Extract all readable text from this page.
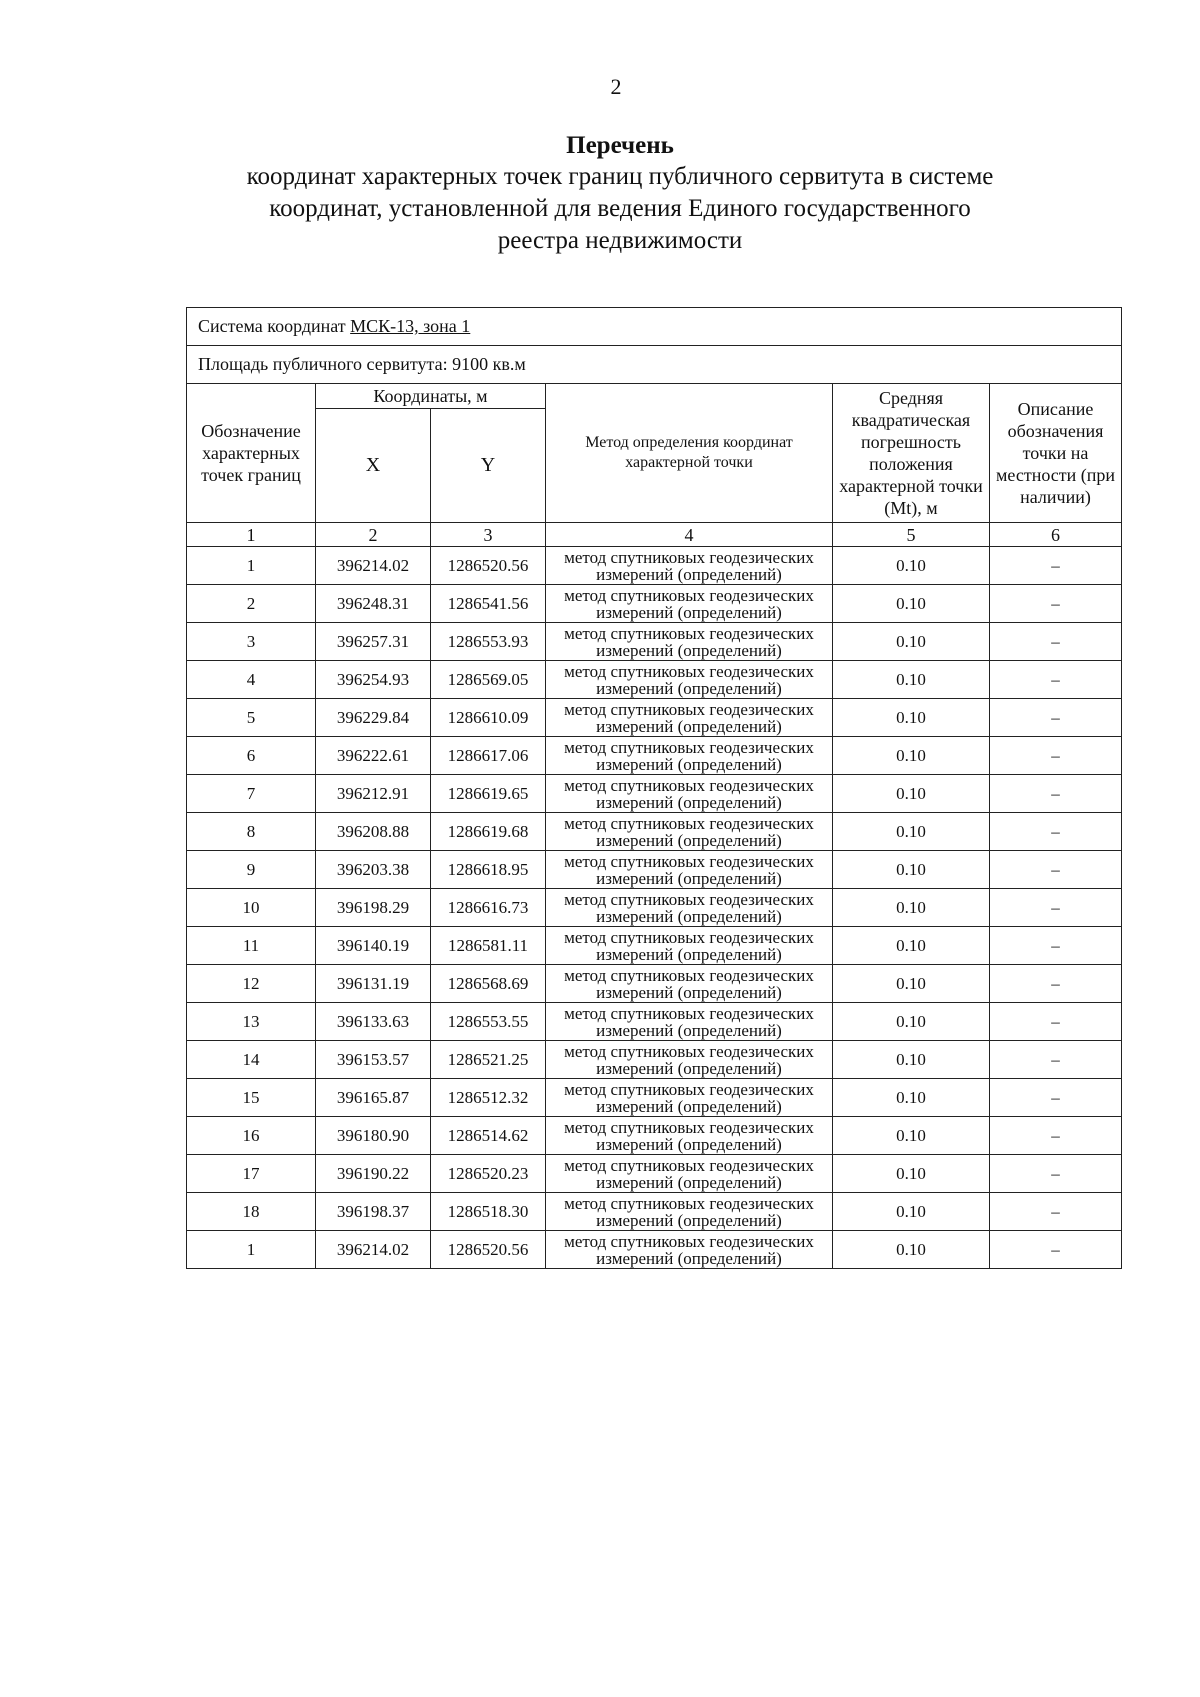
2
Перечень
координат характерных точек границ публичного сервитута в системе
координат, установленной для ведения Единого государственного
реестра недвижимости
Система координат МСК-13, зона 1					
Площадь публичного сервитута: 9100 кв.м					
Обозначение характерных точек границ	Координаты, м		Метод определения координат характерной точки	Средняя квадратическая погрешность положения характерной точки (Mt), м	Описание обозначения точки на местности (при наличии)
	X	Y			
1	2	3	4	5	6
1	396214.02	1286520.56	метод спутниковых геодезических
измерений (определений)	0.10	–
2	396248.31	1286541.56	метод спутниковых геодезических
измерений (определений)	0.10	–
3	396257.31	1286553.93	метод спутниковых геодезических
измерений (определений)	0.10	–
4	396254.93	1286569.05	метод спутниковых геодезических
измерений (определений)	0.10	–
5	396229.84	1286610.09	метод спутниковых геодезических
измерений (определений)	0.10	–
6	396222.61	1286617.06	метод спутниковых геодезических
измерений (определений)	0.10	–
7	396212.91	1286619.65	метод спутниковых геодезических
измерений (определений)	0.10	–
8	396208.88	1286619.68	метод спутниковых геодезических
измерений (определений)	0.10	–
9	396203.38	1286618.95	метод спутниковых геодезических
измерений (определений)	0.10	–
10	396198.29	1286616.73	метод спутниковых геодезических
измерений (определений)	0.10	–
11	396140.19	1286581.11	метод спутниковых геодезических
измерений (определений)	0.10	–
12	396131.19	1286568.69	метод спутниковых геодезических
измерений (определений)	0.10	–
13	396133.63	1286553.55	метод спутниковых геодезических
измерений (определений)	0.10	–
14	396153.57	1286521.25	метод спутниковых геодезических
измерений (определений)	0.10	–
15	396165.87	1286512.32	метод спутниковых геодезических
измерений (определений)	0.10	–
16	396180.90	1286514.62	метод спутниковых геодезических
измерений (определений)	0.10	–
17	396190.22	1286520.23	метод спутниковых геодезических
измерений (определений)	0.10	–
18	396198.37	1286518.30	метод спутниковых геодезических
измерений (определений)	0.10	–
1	396214.02	1286520.56	метод спутниковых геодезических
измерений (определений)	0.10	–
